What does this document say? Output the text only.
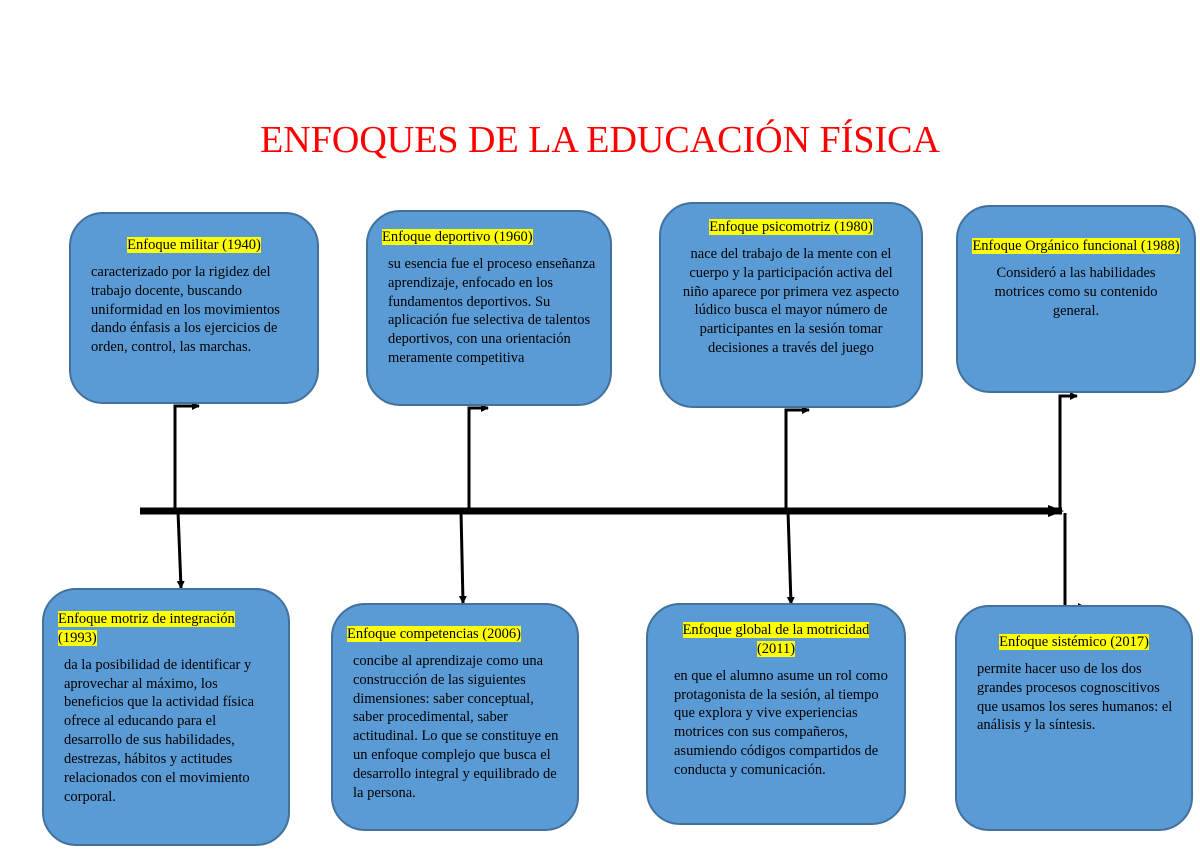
ENFOQUES DE LA EDUCACIÓN FÍSICA
Enfoque militar (1940)

caracterizado por la rigidez del trabajo docente, buscando uniformidad en los movimientos dando énfasis a los ejercicios de orden, control, las marchas.

Enfoque deportivo (1960)

su esencia fue el proceso enseñanza aprendizaje, enfocado en los fundamentos deportivos. Su aplicación fue selectiva de talentos deportivos, con una orientación meramente competitiva

Enfoque psicomotriz (1980)

nace del trabajo de la mente con el cuerpo y la participación activa del niño aparece por primera vez aspecto lúdico busca el mayor número de participantes en la sesión tomar decisiones a través del juego

Enfoque Orgánico funcional (1988)

Consideró a las habilidades motrices como su contenido general.

Enfoque motriz de integración (1993)

da la posibilidad de identificar y aprovechar al máximo, los beneficios que la actividad física ofrece al educando para el desarrollo de sus habilidades, destrezas, hábitos y actitudes relacionados con el movimiento corporal.

Enfoque competencias (2006)

concibe al aprendizaje como una construcción de las siguientes dimensiones: saber conceptual, saber procedimental, saber actitudinal. Lo que se constituye en un enfoque complejo que busca el desarrollo integral y equilibrado de la persona.

Enfoque global de la motricidad (2011)

en que el alumno asume un rol como protagonista de la sesión, al tiempo que explora y vive experiencias motrices con sus compañeros, asumiendo códigos compartidos de conducta y comunicación.

Enfoque sistémico (2017)

permite hacer uso de los dos grandes procesos cognoscitivos que usamos los seres humanos: el análisis y la síntesis.
